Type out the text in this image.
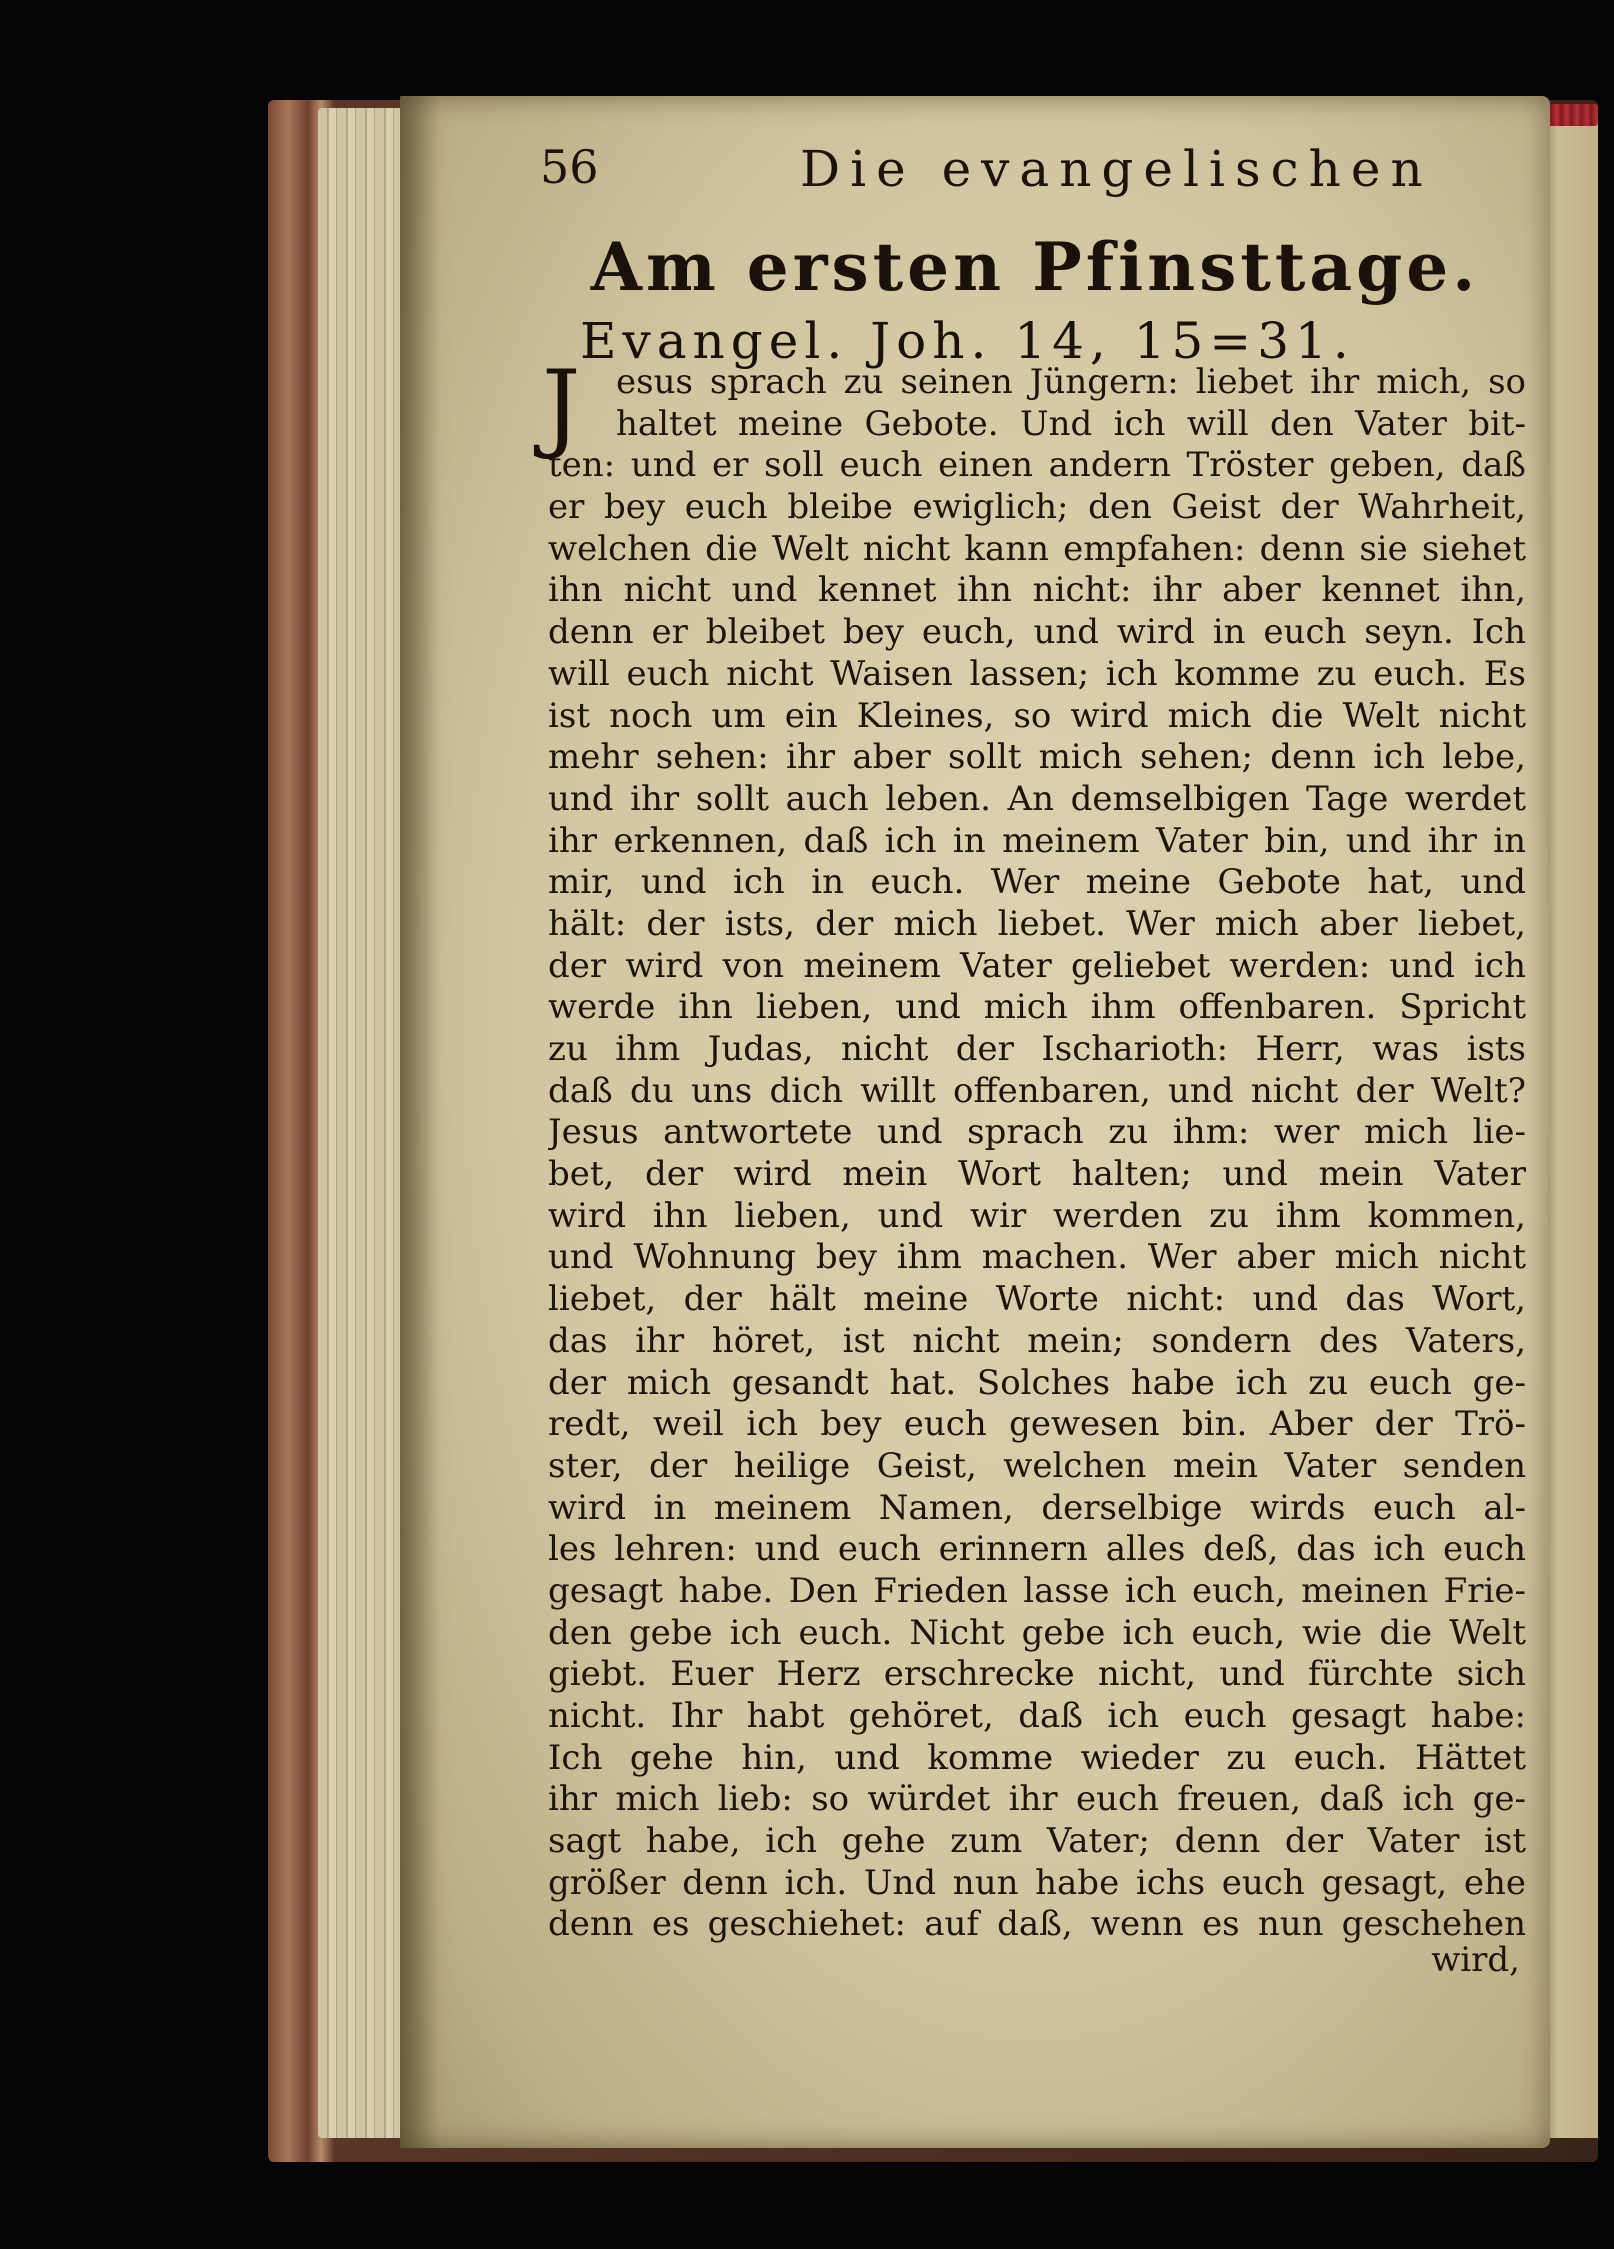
56	Die evangelischen
Am ersten Pfinsttage.
Evangel. Joh. 14, 15=31.
J	esus sprach zu seinen Jüngern: liebet ihr mich, so
haltet meine Gebote. Und ich will den Vater bit-
ten: und er soll euch einen andern Tröster geben, daß
er bey euch bleibe ewiglich; den Geist der Wahrheit,
welchen die Welt nicht kann empfahen: denn sie siehet
ihn nicht und kennet ihn nicht: ihr aber kennet ihn,
denn er bleibet bey euch, und wird in euch seyn. Ich
will euch nicht Waisen lassen; ich komme zu euch. Es
ist noch um ein Kleines, so wird mich die Welt nicht
mehr sehen: ihr aber sollt mich sehen; denn ich lebe,
und ihr sollt auch leben. An demselbigen Tage werdet
ihr erkennen, daß ich in meinem Vater bin, und ihr in
mir, und ich in euch. Wer meine Gebote hat, und
hält: der ists, der mich liebet. Wer mich aber liebet,
der wird von meinem Vater geliebet werden: und ich
werde ihn lieben, und mich ihm offenbaren. Spricht
zu ihm Judas, nicht der Ischarioth: Herr, was ists
daß du uns dich willt offenbaren, und nicht der Welt?
Jesus antwortete und sprach zu ihm: wer mich lie-
bet, der wird mein Wort halten; und mein Vater
wird ihn lieben, und wir werden zu ihm kommen,
und Wohnung bey ihm machen. Wer aber mich nicht
liebet, der hält meine Worte nicht: und das Wort,
das ihr höret, ist nicht mein; sondern des Vaters,
der mich gesandt hat. Solches habe ich zu euch ge-
redt, weil ich bey euch gewesen bin. Aber der Trö-
ster, der heilige Geist, welchen mein Vater senden
wird in meinem Namen, derselbige wirds euch al-
les lehren: und euch erinnern alles deß, das ich euch
gesagt habe. Den Frieden lasse ich euch, meinen Frie-
den gebe ich euch. Nicht gebe ich euch, wie die Welt
giebt. Euer Herz erschrecke nicht, und fürchte sich
nicht. Ihr habt gehöret, daß ich euch gesagt habe:
Ich gehe hin, und komme wieder zu euch. Hättet
ihr mich lieb: so würdet ihr euch freuen, daß ich ge-
sagt habe, ich gehe zum Vater; denn der Vater ist
größer denn ich. Und nun habe ichs euch gesagt, ehe
denn es geschiehet: auf daß, wenn es nun geschehen
wird,
